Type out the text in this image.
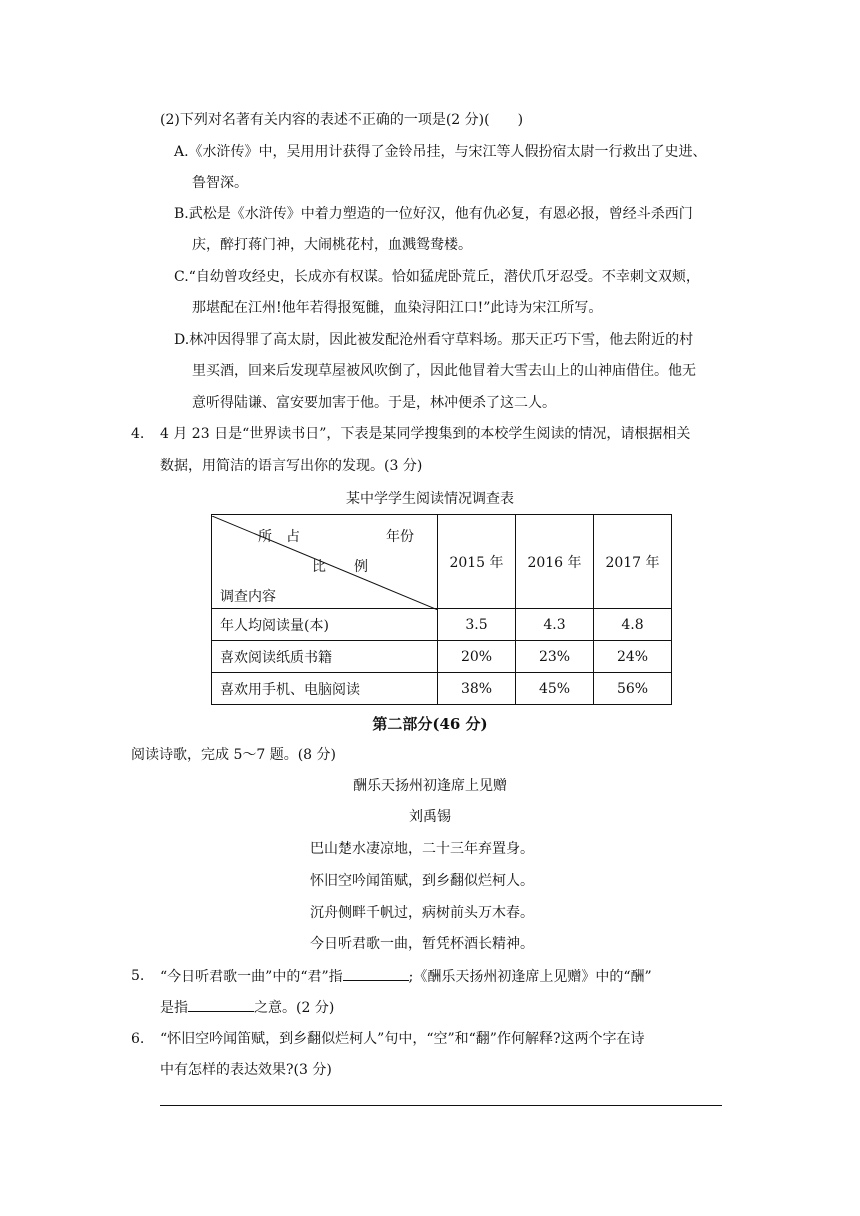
(2)下列对名著有关内容的表述不正确的一项是(2 分)(　　)
A.《水浒传》中，吴用用计获得了金铃吊挂，与宋江等人假扮宿太尉一行救出了史进、
鲁智深。
B.武松是《水浒传》中着力塑造的一位好汉，他有仇必复，有恩必报，曾经斗杀西门
庆，醉打蒋门神，大闹桃花村，血溅鸳鸯楼。
C.“自幼曾攻经史，长成亦有权谋。恰如猛虎卧荒丘，潜伏爪牙忍受。不幸刺文双颊，
那堪配在江州!他年若得报冤雠，血染浔阳江口!”此诗为宋江所写。
D.林冲因得罪了高太尉，因此被发配沧州看守草料场。那天正巧下雪，他去附近的村
里买酒，回来后发现草屋被风吹倒了，因此他冒着大雪去山上的山神庙借住。他无
意听得陆谦、富安要加害于他。于是，林冲便杀了这二人。
4. 4 月 23 日是“世界读书日”，下表是某同学搜集到的本校学生阅读的情况，请根据相关
数据，用简洁的语言写出你的发现。(3 分)
某中学学生阅读情况调查表
所　占 年份
比　　例
调查内容	2015 年	2016 年	2017 年
年人均阅读量(本)	3.5	4.3	4.8
喜欢阅读纸质书籍	20%	23%	24%
喜欢用手机、电脑阅读	38%	45%	56%
第二部分(46 分)
阅读诗歌，完成 5～7 题。(8 分)
酬乐天扬州初逢席上见赠
刘禹锡
巴山楚水凄凉地，二十三年弃置身。
怀旧空吟闻笛赋，到乡翻似烂柯人。
沉舟侧畔千帆过，病树前头万木春。
今日听君歌一曲，暂凭杯酒长精神。
5. “今日听君歌一曲”中的“君”指	;《酬乐天扬州初逢席上见赠》中的“酬”
是指	之意。(2 分)
6. “怀旧空吟闻笛赋，到乡翻似烂柯人”句中，“空”和“翻”作何解释?这两个字在诗
中有怎样的表达效果?(3 分)
